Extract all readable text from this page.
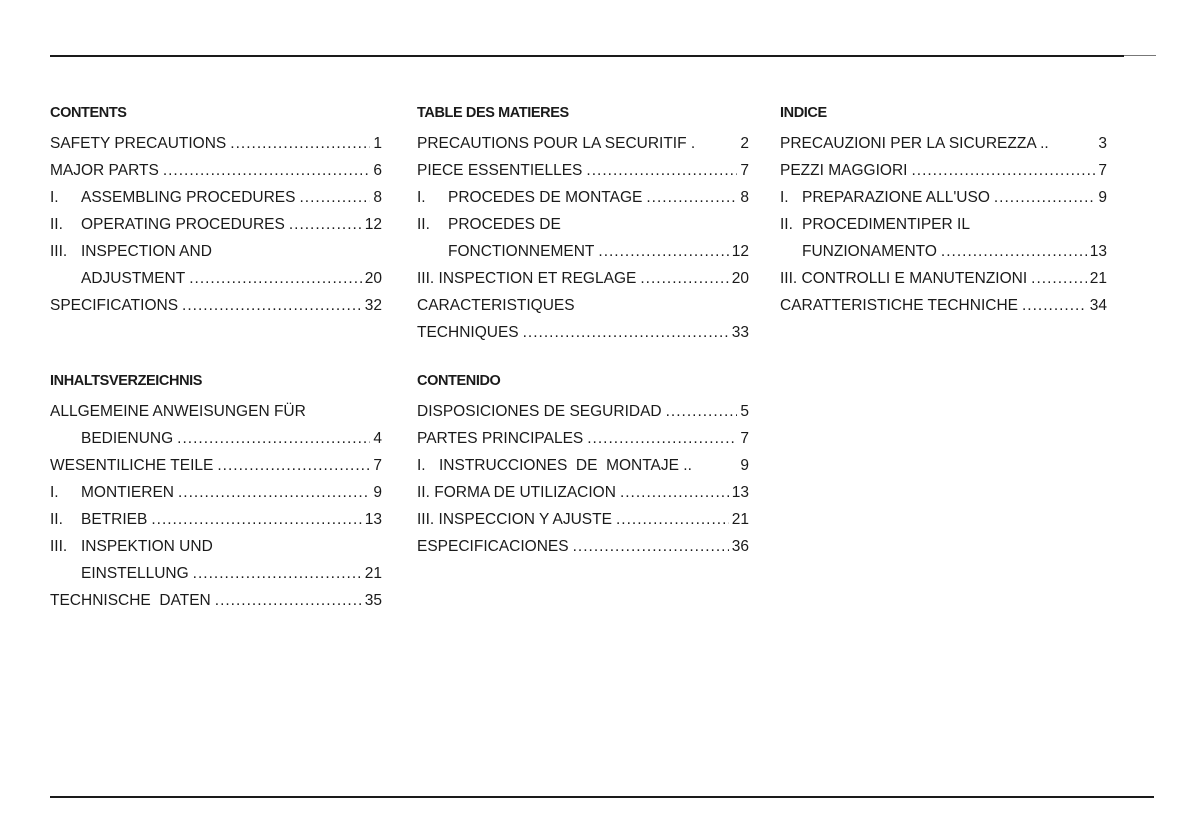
CONTENTS
SAFETY PRECAUTIONS .....	1
MAJOR PARTS .....	6
I.	ASSEMBLING PROCEDURES .....	8
II.	OPERATING PROCEDURES .....	12
III. INSPECTION AND
ADJUSTMENT .....	20
SPECIFICATIONS .....	32
TABLE DES MATIERES
PRECAUTIONS POUR LA SECURITIF .	2
PIECE ESSENTIELLES .....	7
I.	PROCEDES DE MONTAGE .....	8
II.	PROCEDES DE
FONCTIONNEMENT .....	12
III. INSPECTION ET REGLAGE .....	20
CARACTERISTIQUES
TECHNIQUES .....	33
INDICE
PRECAUZIONI PER LA SICUREZZA ..	3
PEZZI MAGGIORI .....	7
I. PREPARAZIONE ALL'USO .....	9
II. PROCEDIMENTIPER IL
FUNZIONAMENTO .....	13
III. CONTROLLI E MANUTENZIONI .....	21
CARATTERISTICHE TECHNICHE .....	34
INHALTSVERZEICHNIS
ALLGEMEINE ANWEISUNGEN FÜR
BEDIENUNG .....	4
WESENTILICHE TEILE .....	7
I.	MONTIEREN .....	9
II.	BETRIEB .....	13
III. INSPEKTION UND
EINSTELLUNG .....	21
TECHNISCHE  DATEN .....	35
CONTENIDO
DISPOSICIONES DE SEGURIDAD .....	5
PARTES PRINCIPALES .....	7
I. INSTRUCCIONES  DE  MONTAJE ..	9
II. FORMA DE UTILIZACION .....	13
III. INSPECCION Y AJUSTE .....	21
ESPECIFICACIONES .....	36
